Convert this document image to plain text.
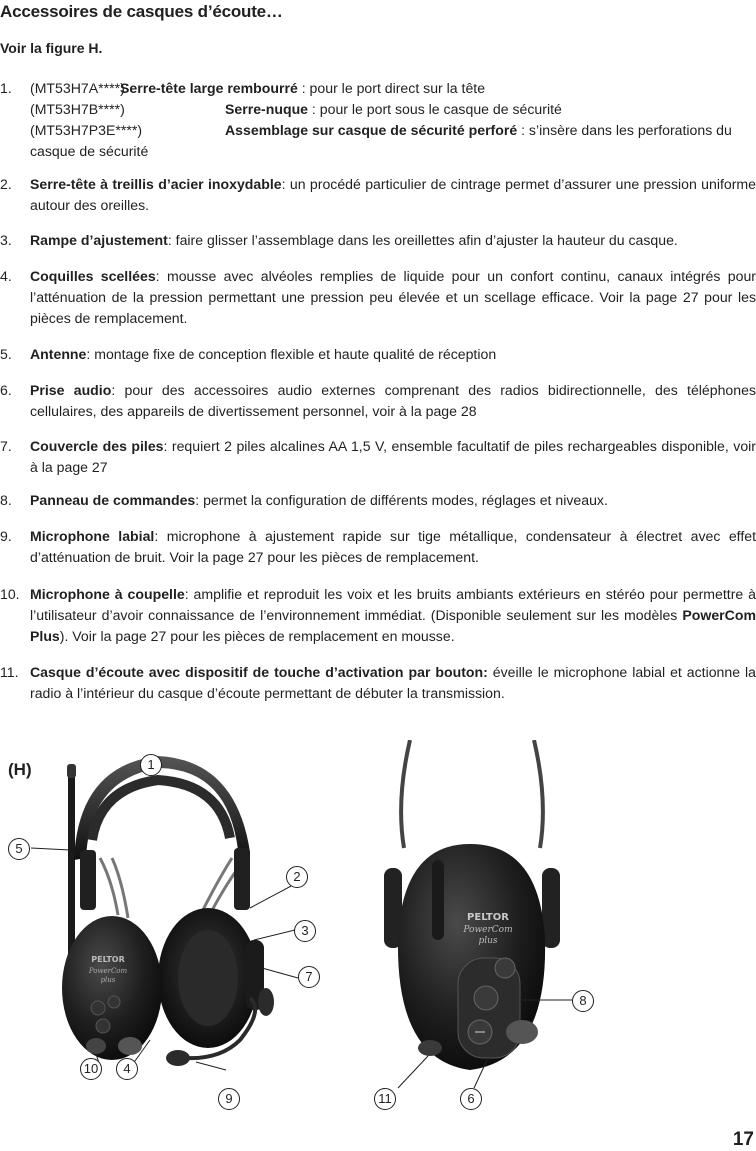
Accessoires de casques d’écoute…
Voir la figure H.
1. (MT53H7A****)Serre-tête large rembourré : pour le port direct sur la tête
(MT53H7B****)	Serre-nuque : pour le port sous le casque de sécurité
(MT53H7P3E****)	Assemblage sur casque de sécurité perforé : s’insère dans les perforations du
casque de sécurité
2. Serre-tête à treillis d’acier inoxydable: un procédé particulier de cintrage permet d’assurer une pression uniforme autour des oreilles.
3. Rampe d’ajustement: faire glisser l’assemblage dans les oreillettes afin d’ajuster la hauteur du casque.
4. Coquilles scellées: mousse avec alvéoles remplies de liquide pour un confort continu, canaux intégrés pour l’atténuation de la pression permettant une pression peu élevée et un scellage efficace. Voir la page 27 pour les pièces de remplacement.
5. Antenne: montage fixe de conception flexible et haute qualité de réception
6. Prise audio: pour des accessoires audio externes comprenant des radios bidirectionnelle, des téléphones cellulaires, des appareils de divertissement personnel, voir à la page 28
7. Couvercle des piles: requiert 2 piles alcalines AA 1,5 V, ensemble facultatif de piles rechargeables disponible, voir à la page 27
8. Panneau de commandes: permet la configuration de différents modes, réglages et niveaux.
9. Microphone labial: microphone à ajustement rapide sur tige métallique, condensateur à électret avec effet d’atténuation de bruit. Voir la page 27 pour les pièces de remplacement.
10. Microphone à coupelle: amplifie et reproduit les voix et les bruits ambiants extérieurs en stéréo pour permettre à l’utilisateur d’avoir connaissance de l’environnement immédiat. (Disponible seulement sur les modèles PowerCom Plus). Voir la page 27 pour les pièces de remplacement en mousse.
11. Casque d’écoute avec dispositif de touche d’activation par bouton: éveille le microphone labial et actionne la radio à l’intérieur du casque d’écoute permettant de débuter la transmission.
(H)
PELTOR
PowerCom
plus
PELTOR
PowerCom
plus
1
2
3
4
5
6
7
8
9
10
11
17
